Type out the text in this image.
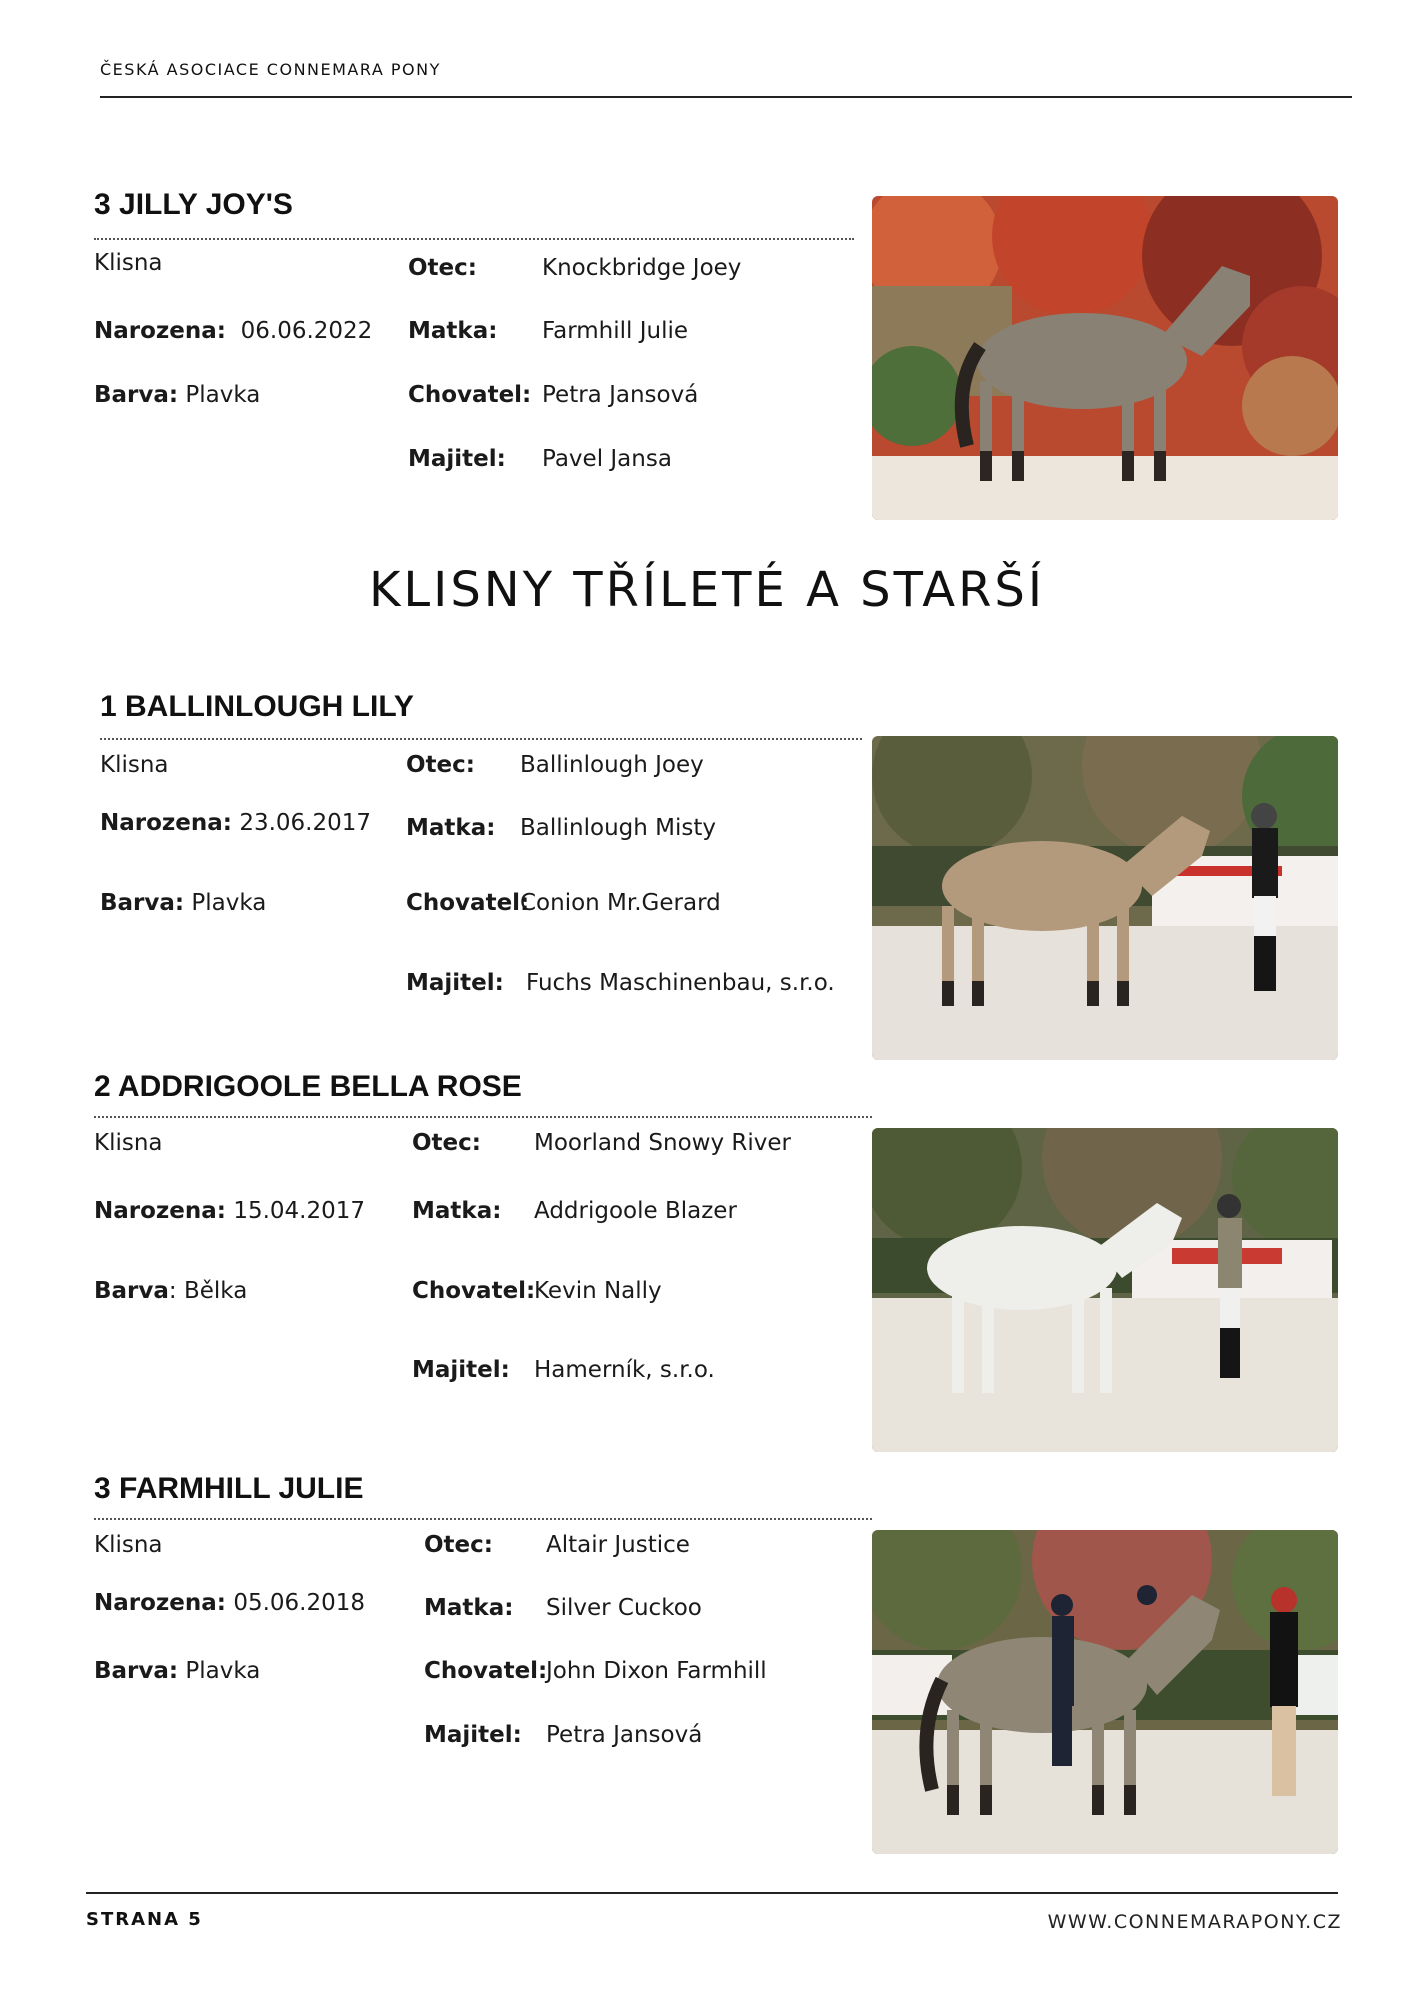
ČESKÁ ASOCIACE CONNEMARA PONY
3 JILLY JOY'S
Klisna
Narozena: 06.06.2022
Barva: Plavka
Otec:	Knockbridge Joey
Matka: Farmhill Julie
Chovatel: Petra Jansová
Majitel: Pavel Jansa
KLISNY TŘÍLETÉ A STARŠÍ
1 BALLINLOUGH LILY
Klisna
Narozena: 23.06.2017
Barva: Plavka
Otec: Ballinlough Joey
Matka: Ballinlough Misty
Chovatel:
Conion Mr.Gerard
Majitel: Fuchs Maschinenbau, s.r.o.
2 ADDRIGOOLE BELLA ROSE
Klisna
Narozena: 15.04.2017
Barva: Bělka
Otec: Moorland Snowy River
Matka: Addrigoole Blazer
Chovatel:
Kevin Nally
Majitel: Hamerník, s.r.o.
3 FARMHILL JULIE
Klisna
Narozena: 05.06.2018
Barva: Plavka
Otec: Altair Justice
Matka: Silver Cuckoo
Chovatel:
John Dixon Farmhill
Majitel: Petra Jansová
STRANA 5	WWW.CONNEMARAPONY.CZ
